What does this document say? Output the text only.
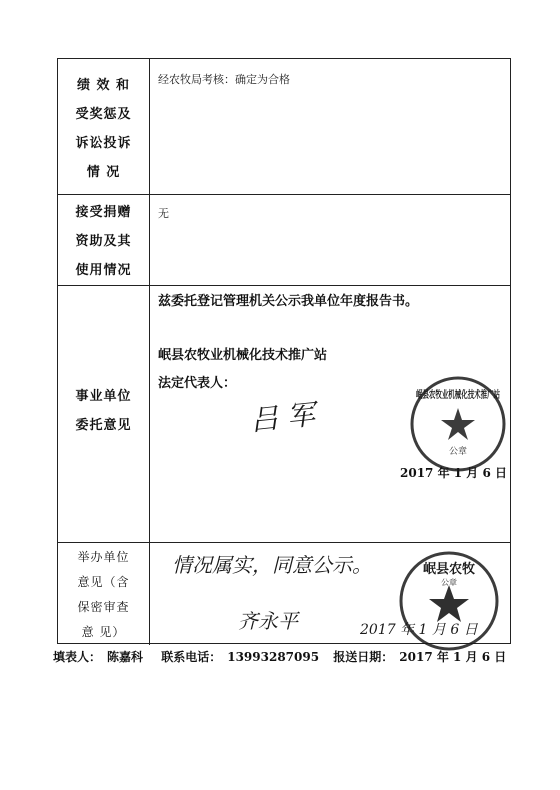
绩 效 和
受奖惩及
诉讼投诉
情 况
经农牧局考核：确定为合格
接受捐赠
资助及其
使用情况
无
事业单位
委托意见
兹委托登记管理机关公示我单位年度报告书。
岷县农牧业机械化技术推广站
法定代表人：
吕 军
2017 年 1 月 6 日
公章
岷县农牧业机械化技术推广站
举办单位
意见（含
保密审查
意 见）
情况属实，同意公示。
齐永平	2017 年 1 月 6 日
岷县农牧
公章
填表人： 陈嘉科 联系电话： 13993287095 报送日期： 2017 年 1 月 6 日
